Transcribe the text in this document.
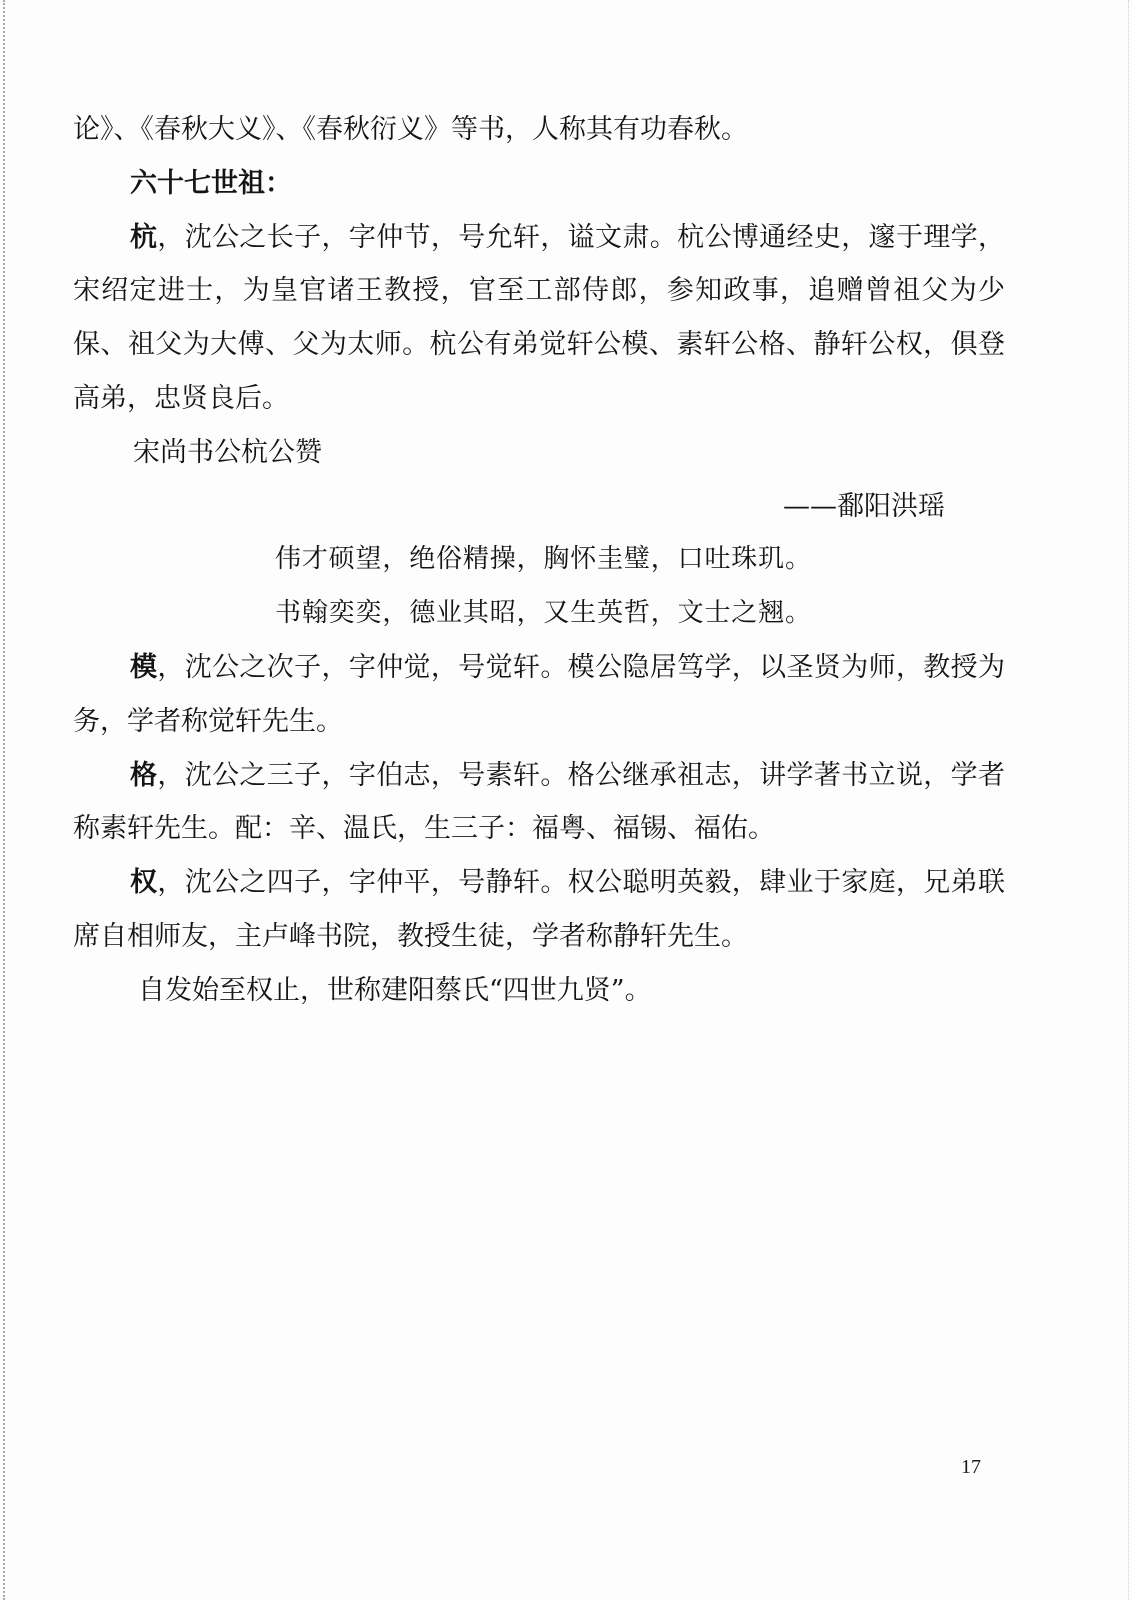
论》、《春秋大义》、《春秋衍义》等书，人称其有功春秋。
六十七世祖：
杭，沈公之长子，字仲节，号允轩，谥文肃。杭公博通经史，邃于理学，
宋绍定进士，为皇官诸王教授，官至工部侍郎，参知政事，追赠曾祖父为少
保、祖父为大傅、父为太师。杭公有弟觉轩公模、素轩公格、静轩公权，俱登
高弟，忠贤良后。
宋尚书公杭公赞
——鄱阳洪瑶
伟才硕望，绝俗精操，胸怀圭璧，口吐珠玑。
书翰奕奕，德业其昭，又生英哲，文士之翘。
模，沈公之次子，字仲觉，号觉轩。模公隐居笃学，以圣贤为师，教授为
务，学者称觉轩先生。
格，沈公之三子，字伯志，号素轩。格公继承祖志，讲学著书立说，学者
称素轩先生。配：辛、温氏，生三子：福粤、福锡、福佑。
权，沈公之四子，字仲平，号静轩。权公聪明英毅，肆业于家庭，兄弟联
席自相师友，主卢峰书院，教授生徒，学者称静轩先生。
自发始至权止，世称建阳蔡氏“四世九贤”。
17
